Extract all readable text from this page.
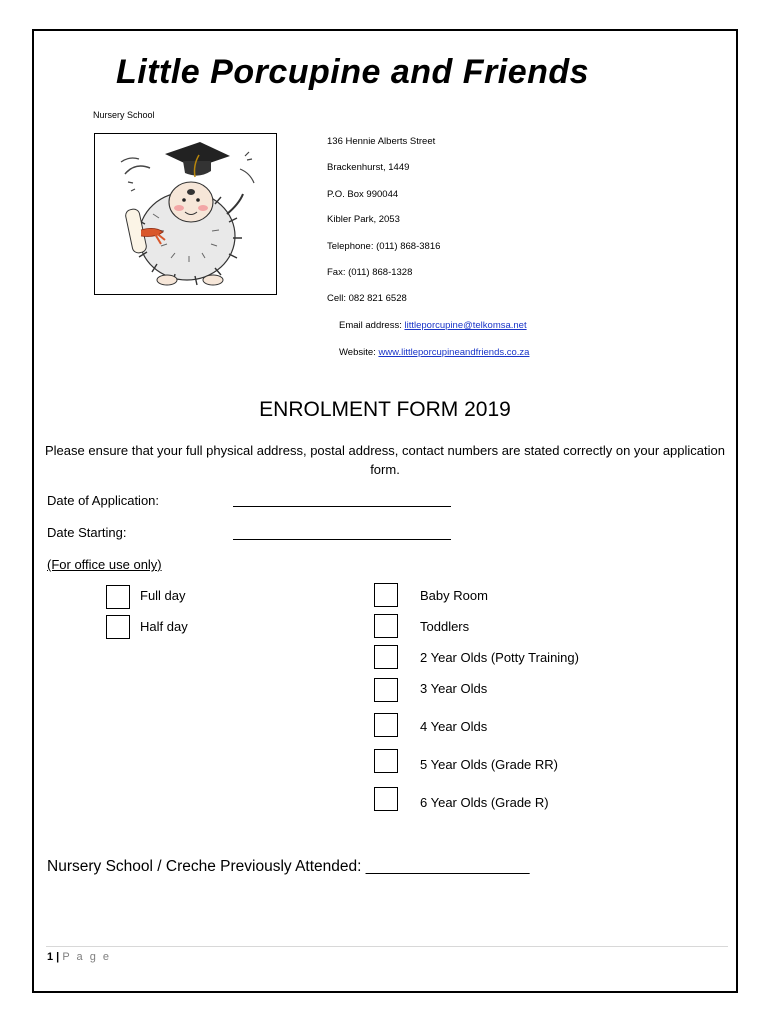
Little Porcupine and Friends
Nursery School
136 Hennie Alberts Street
Brackenhurst, 1449
P.O. Box 990044
Kibler Park, 2053
Telephone: (011) 868-3816
Fax: (011) 868-1328
Cell: 082 821 6528
Email address: littleporcupine@telkomsa.net
Website: www.littleporcupineandfriends.co.za
ENROLMENT FORM 2019
Please ensure that your full physical address, postal address, contact numbers are stated correctly on your application form.
Date of Application:
Date Starting:
(For office use only)
Full day
Half day
Baby Room
Toddlers
2 Year Olds (Potty Training)
3 Year Olds
4 Year Olds
5 Year Olds (Grade RR)
6 Year Olds (Grade R)
Nursery School / Creche Previously Attended: ___________________
1 | P a g e
